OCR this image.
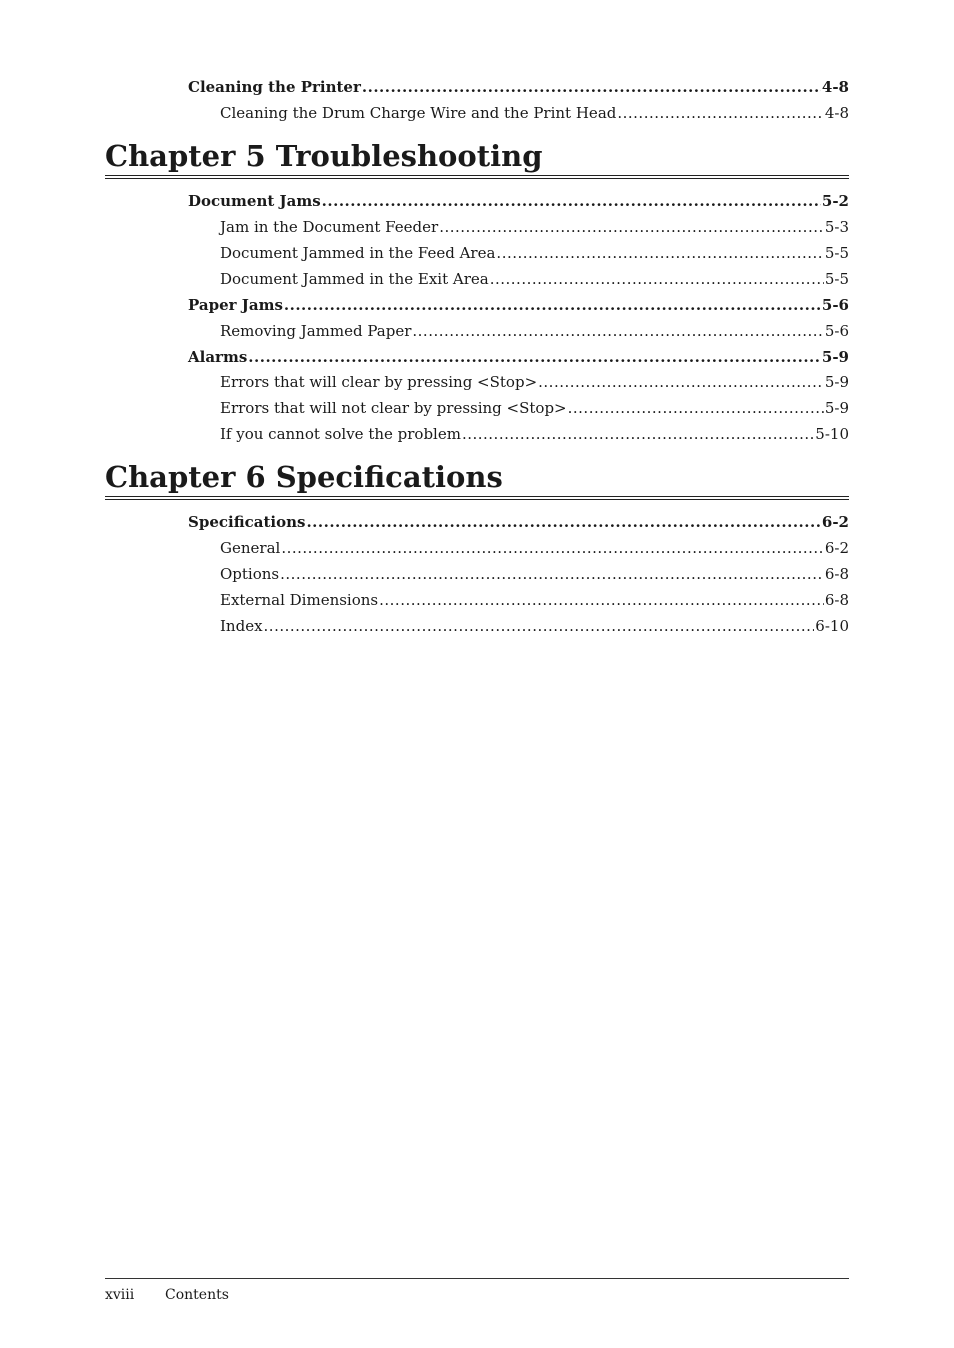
Cleaning the Printer .....	4-8
Cleaning the Drum Charge Wire and the Print Head .....	4-8
Chapter 5 Troubleshooting
Document Jams .....	5-2
Jam in the Document Feeder .....	5-3
Document Jammed in the Feed Area .....	5-5
Document Jammed in the Exit Area .....	5-5
Paper Jams .....	5-6
Removing Jammed Paper .....	5-6
Alarms .....	5-9
Errors that will clear by pressing <Stop> .....	5-9
Errors that will not clear by pressing <Stop> .....	5-9
If you cannot solve the problem .....	5-10
Chapter 6 Specifications
Specifications .....	6-2
General .....	6-2
Options .....	6-8
External Dimensions .....	6-8
Index .....	6-10
xviii Contents
